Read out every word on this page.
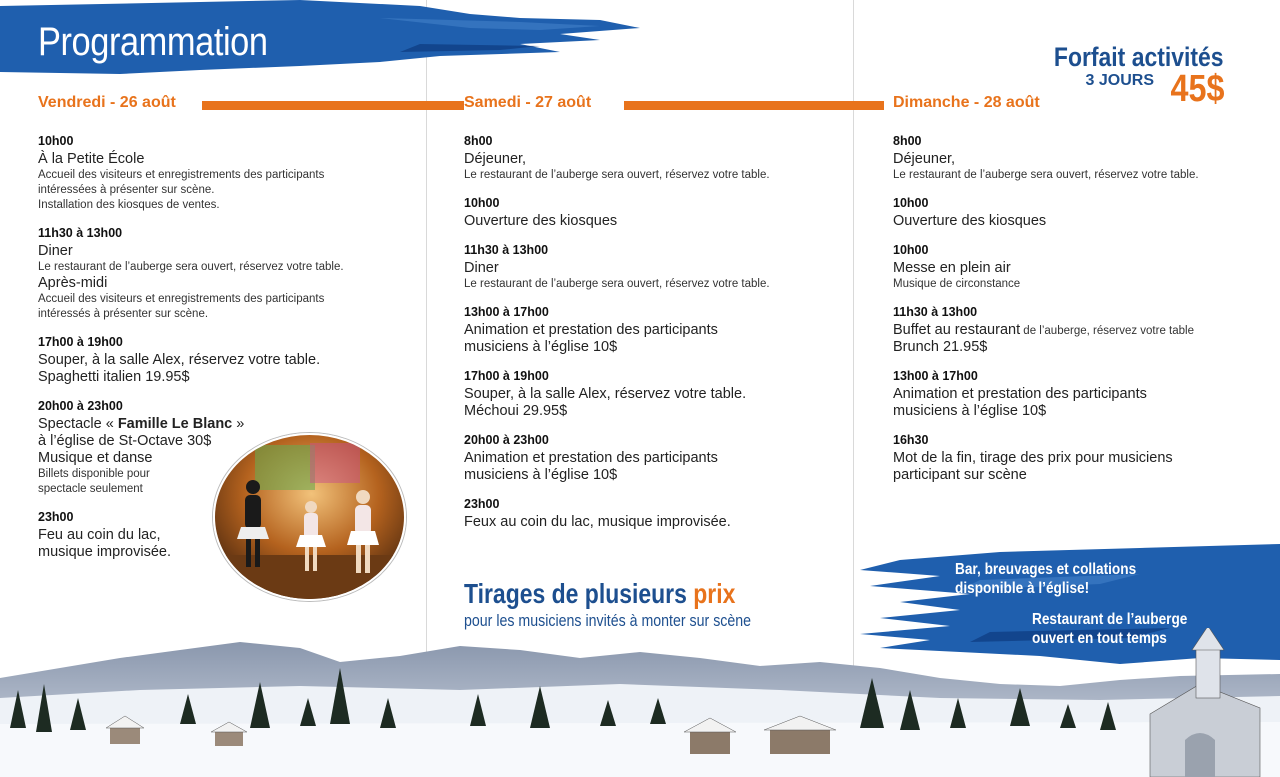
Programmation	Forfait activités
3 JOURS 45$
Vendredi - 26 août	Samedi - 27 août	Dimanche - 28 août
10h00
À la Petite École
Accueil des visiteurs et enregistrements des participants
intéressées à présenter sur scène.
Installation des kiosques de ventes.
11h30 à 13h00
Diner
Le restaurant de l’auberge sera ouvert, réservez votre table.
Après-midi
Accueil des visiteurs et enregistrements des participants
intéressés à présenter sur scène.
17h00 à 19h00
Souper, à la salle Alex, réservez votre table.
Spaghetti italien 19.95$
20h00 à 23h00
Spectacle « Famille Le Blanc »
à l’église de St-Octave 30$
Musique et danse
Billets disponible pour
spectacle seulement
23h00
Feu au coin du lac,
musique improvisée.
8h00
Déjeuner,
Le restaurant de l’auberge sera ouvert, réservez votre table.
10h00
Ouverture des kiosques
11h30 à 13h00
Diner
Le restaurant de l’auberge sera ouvert, réservez votre table.
13h00 à 17h00
Animation et prestation des participants
musiciens à l’église 10$
17h00 à 19h00
Souper, à la salle Alex, réservez votre table.
Méchoui 29.95$
20h00 à 23h00
Animation et prestation des participants
musiciens à l’église 10$
23h00
Feux au coin du lac, musique improvisée.
8h00
Déjeuner,
Le restaurant de l’auberge sera ouvert, réservez votre table.
10h00
Ouverture des kiosques
10h00
Messe en plein air
Musique de circonstance
11h30 à 13h00
Buffet au restaurant de l’auberge, réservez votre table
Brunch 21.95$
13h00 à 17h00
Animation et prestation des participants
musiciens à l’église 10$
16h30
Mot de la fin, tirage des prix pour musiciens
participant sur scène
Tirages de plusieurs prix
pour les musiciens invités à monter sur scène
Bar, breuvages et collations
disponible à l’église!
Restaurant de l’auberge
ouvert en tout temps
